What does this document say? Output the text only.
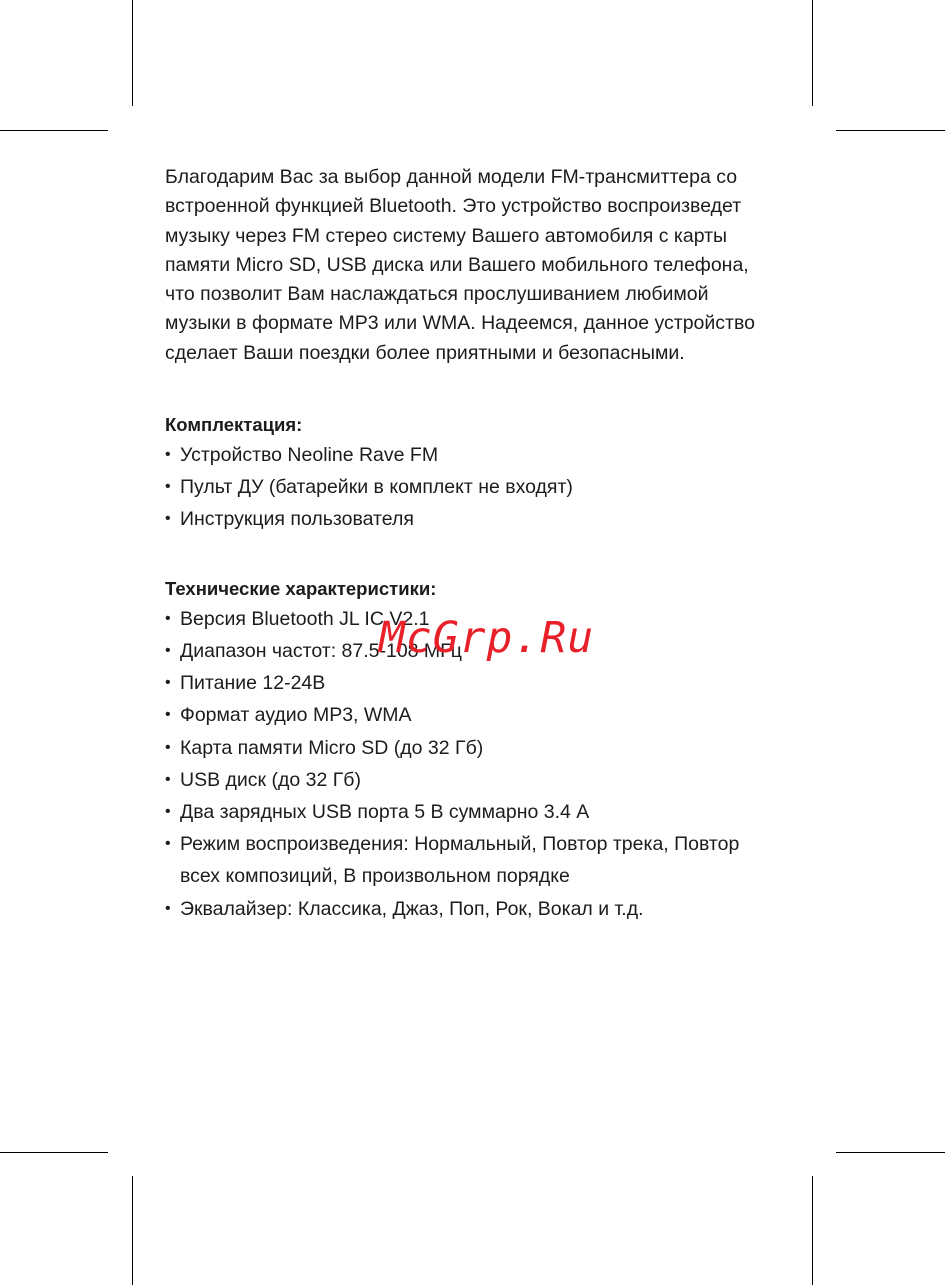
Благодарим Вас за выбор данной модели FM-трансмиттера со

встроенной функцией Bluetooth. Это устройство воспроизведет

музыку через FM стерео систему Вашего автомобиля с карты

памяти Micro SD, USB диска или Вашего мобильного телефона,

что позволит Вам наслаждаться прослушиванием любимой

музыки в формате MP3 или WMA. Надеемся, данное устройство

сделает Ваши поездки более приятными и безопасными.

Комплектация:
• Устройство Neoline Rave FM
• Пульт ДУ (батарейки в комплект не входят)
• Инструкция пользователя
Технические характеристики:
• Версия Bluetooth JL IC V2.1
• Диапазон частот: 87.5-108 МГц
• Питание 12-24В
• Формат аудио MP3, WMA
• Карта памяти Micro SD (до 32 Гб)
• USB диск (до 32 Гб)
• Два зарядных USB порта 5 В суммарно 3.4 А
• Режим воспроизведения: Нормальный, Повтор трека, Повтор
всех композиций, В произвольном порядке
• Эквалайзер: Классика, Джаз, Поп, Рок, Вокал и т.д.
McGrp.Ru
